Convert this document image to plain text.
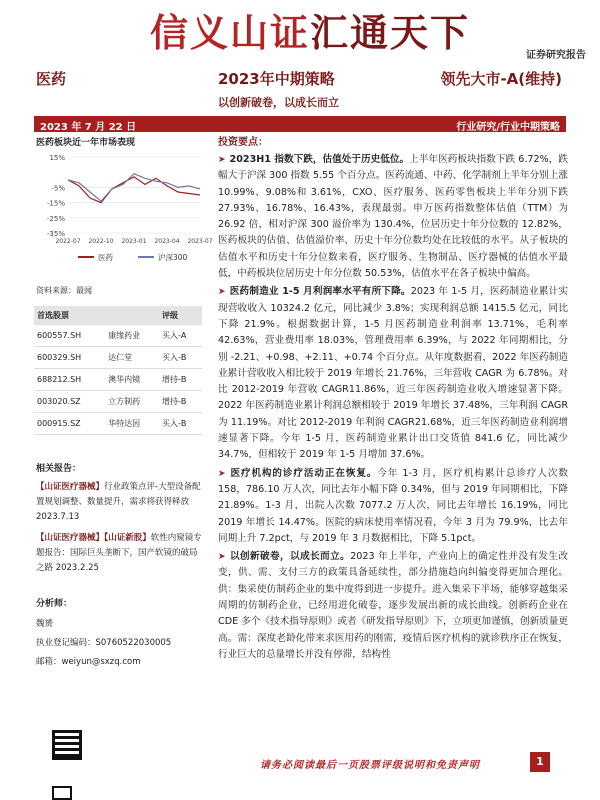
信义山证汇通天下
证券研究报告
医药	2023年中期策略
以创新破卷，以成长而立
领先大市-A(维持)
2023 年 7 月 22 日	行业研究/行业中期策略
医药板块近一年市场表现
15%
-5%
-15%
-25%
-35%
2022-07 2022-10 2023-01 2023-04 2023-07
医药	沪深300
资料来源：最闻
首选股票		评级
600557.SH	康缘药业	买入-A
600329.SH	达仁堂	买入-B
688212.SH	澳华内镜	增持-B
003020.SZ	立方制药	增持-B
000915.SZ	华特达因	买入-B
相关报告：
【山证医疗器械】行业政策点评-大型设备配置规划调整、数量提升，需求将获得释放 2023.7.13
【山证医疗器械】【山证新股】软性内窥镜专题报告：国际巨头垄断下，国产软镜的破局之路 2023.2.25
分析师：
魏赟
执业登记编码：S0760522030005
邮箱：weiyun@sxzq.com
投资要点：

➤ 2023H1 指数下跌，估值处于历史低位。上半年医药板块指数下跌 6.72%，跌幅大于沪深 300 指数 5.55 个百分点。医药流通、中药、化学制剂上半年分别上涨 10.99%、9.08%和 3.61%，CXO、医疗服务、医药零售板块上半年分别下跌 27.93%、16.78%、16.43%，表现最弱。申万医药指数整体估值（TTM）为 26.92 倍，相对沪深 300 溢价率为 130.4%，位居历史十年分位数的 12.82%，医药板块的估值、估值溢价率、历史十年分位数均处在比较低的水平。从子板块的估值水平和历史十年分位数来看，医疗服务、生物制品、医疗器械的估值水平最低，中药板块位居历史十年分位数 50.53%，估值水平在各子板块中偏高。

➤ 医药制造业 1-5 月利润率水平有所下降。2023 年 1-5 月，医药制造业累计实现营收收入 10324.2 亿元，同比减少 3.8%；实现利润总额 1415.5 亿元，同比下降 21.9%。根据数据计算，1-5 月医药制造业利润率 13.71%，毛利率 42.63%，营业费用率 18.03%，管理费用率 6.39%，与 2022 年同期相比，分别 -2.21、+0.98、+2.11、+0.74 个百分点。从年度数据看，2022 年医药制造业累计营收收入相比较于 2019 年增长 21.76%，三年营收 CAGR 为 6.78%。对比 2012-2019 年营收 CAGR11.86%，近三年医药制造业收入增速显著下降。2022 年医药制造业累计利润总额相较于 2019 年增长 37.48%，三年利润 CAGR 为 11.19%。对比 2012-2019 年利润 CAGR21.68%，近三年医药制造业利润增速显著下降。今年 1-5 月，医药制造业累计出口交货值 841.6 亿，同比减少 34.7%，但相较于 2019 年 1-5 月增加 37.6%。

➤ 医疗机构的诊疗活动正在恢复。今年 1-3 月，医疗机构累计总诊疗人次数 158，786.10 万人次，同比去年小幅下降 0.34%，但与 2019 年同期相比，下降 21.89%。1-3 月，出院人次数 7077.2 万人次，同比去年增长 16.19%，同比 2019 年增长 14.47%。医院的病床使用率情况看，今年 3 月为 79.9%，比去年同期上升 7.2pct，与 2019 年 3 月数据相比，下降 5.1pct。

➤ 以创新破卷，以成长而立。2023 年上半年，产业向上的确定性并没有发生改变，供、需、支付三方的政策具备延续性，部分措施趋向纠偏变得更加合理化。供：集采使仿制药企业的集中度得到进一步提升。进入集采下半场，能够穿越集采周期的仿制药企业，已经用进化破卷，逐步发展出新的成长曲线。创新药企业在 CDE 多个《技术指导原则》或者《研发指导原则》下，立项更加谨慎，创新质量更高。需：深度老龄化带来求医用药的刚需，疫情后医疗机构的就诊秩序正在恢复，行业巨大的总量增长并没有停滞，结构性

请务必阅读最后一页股票评级说明和免责声明	1
